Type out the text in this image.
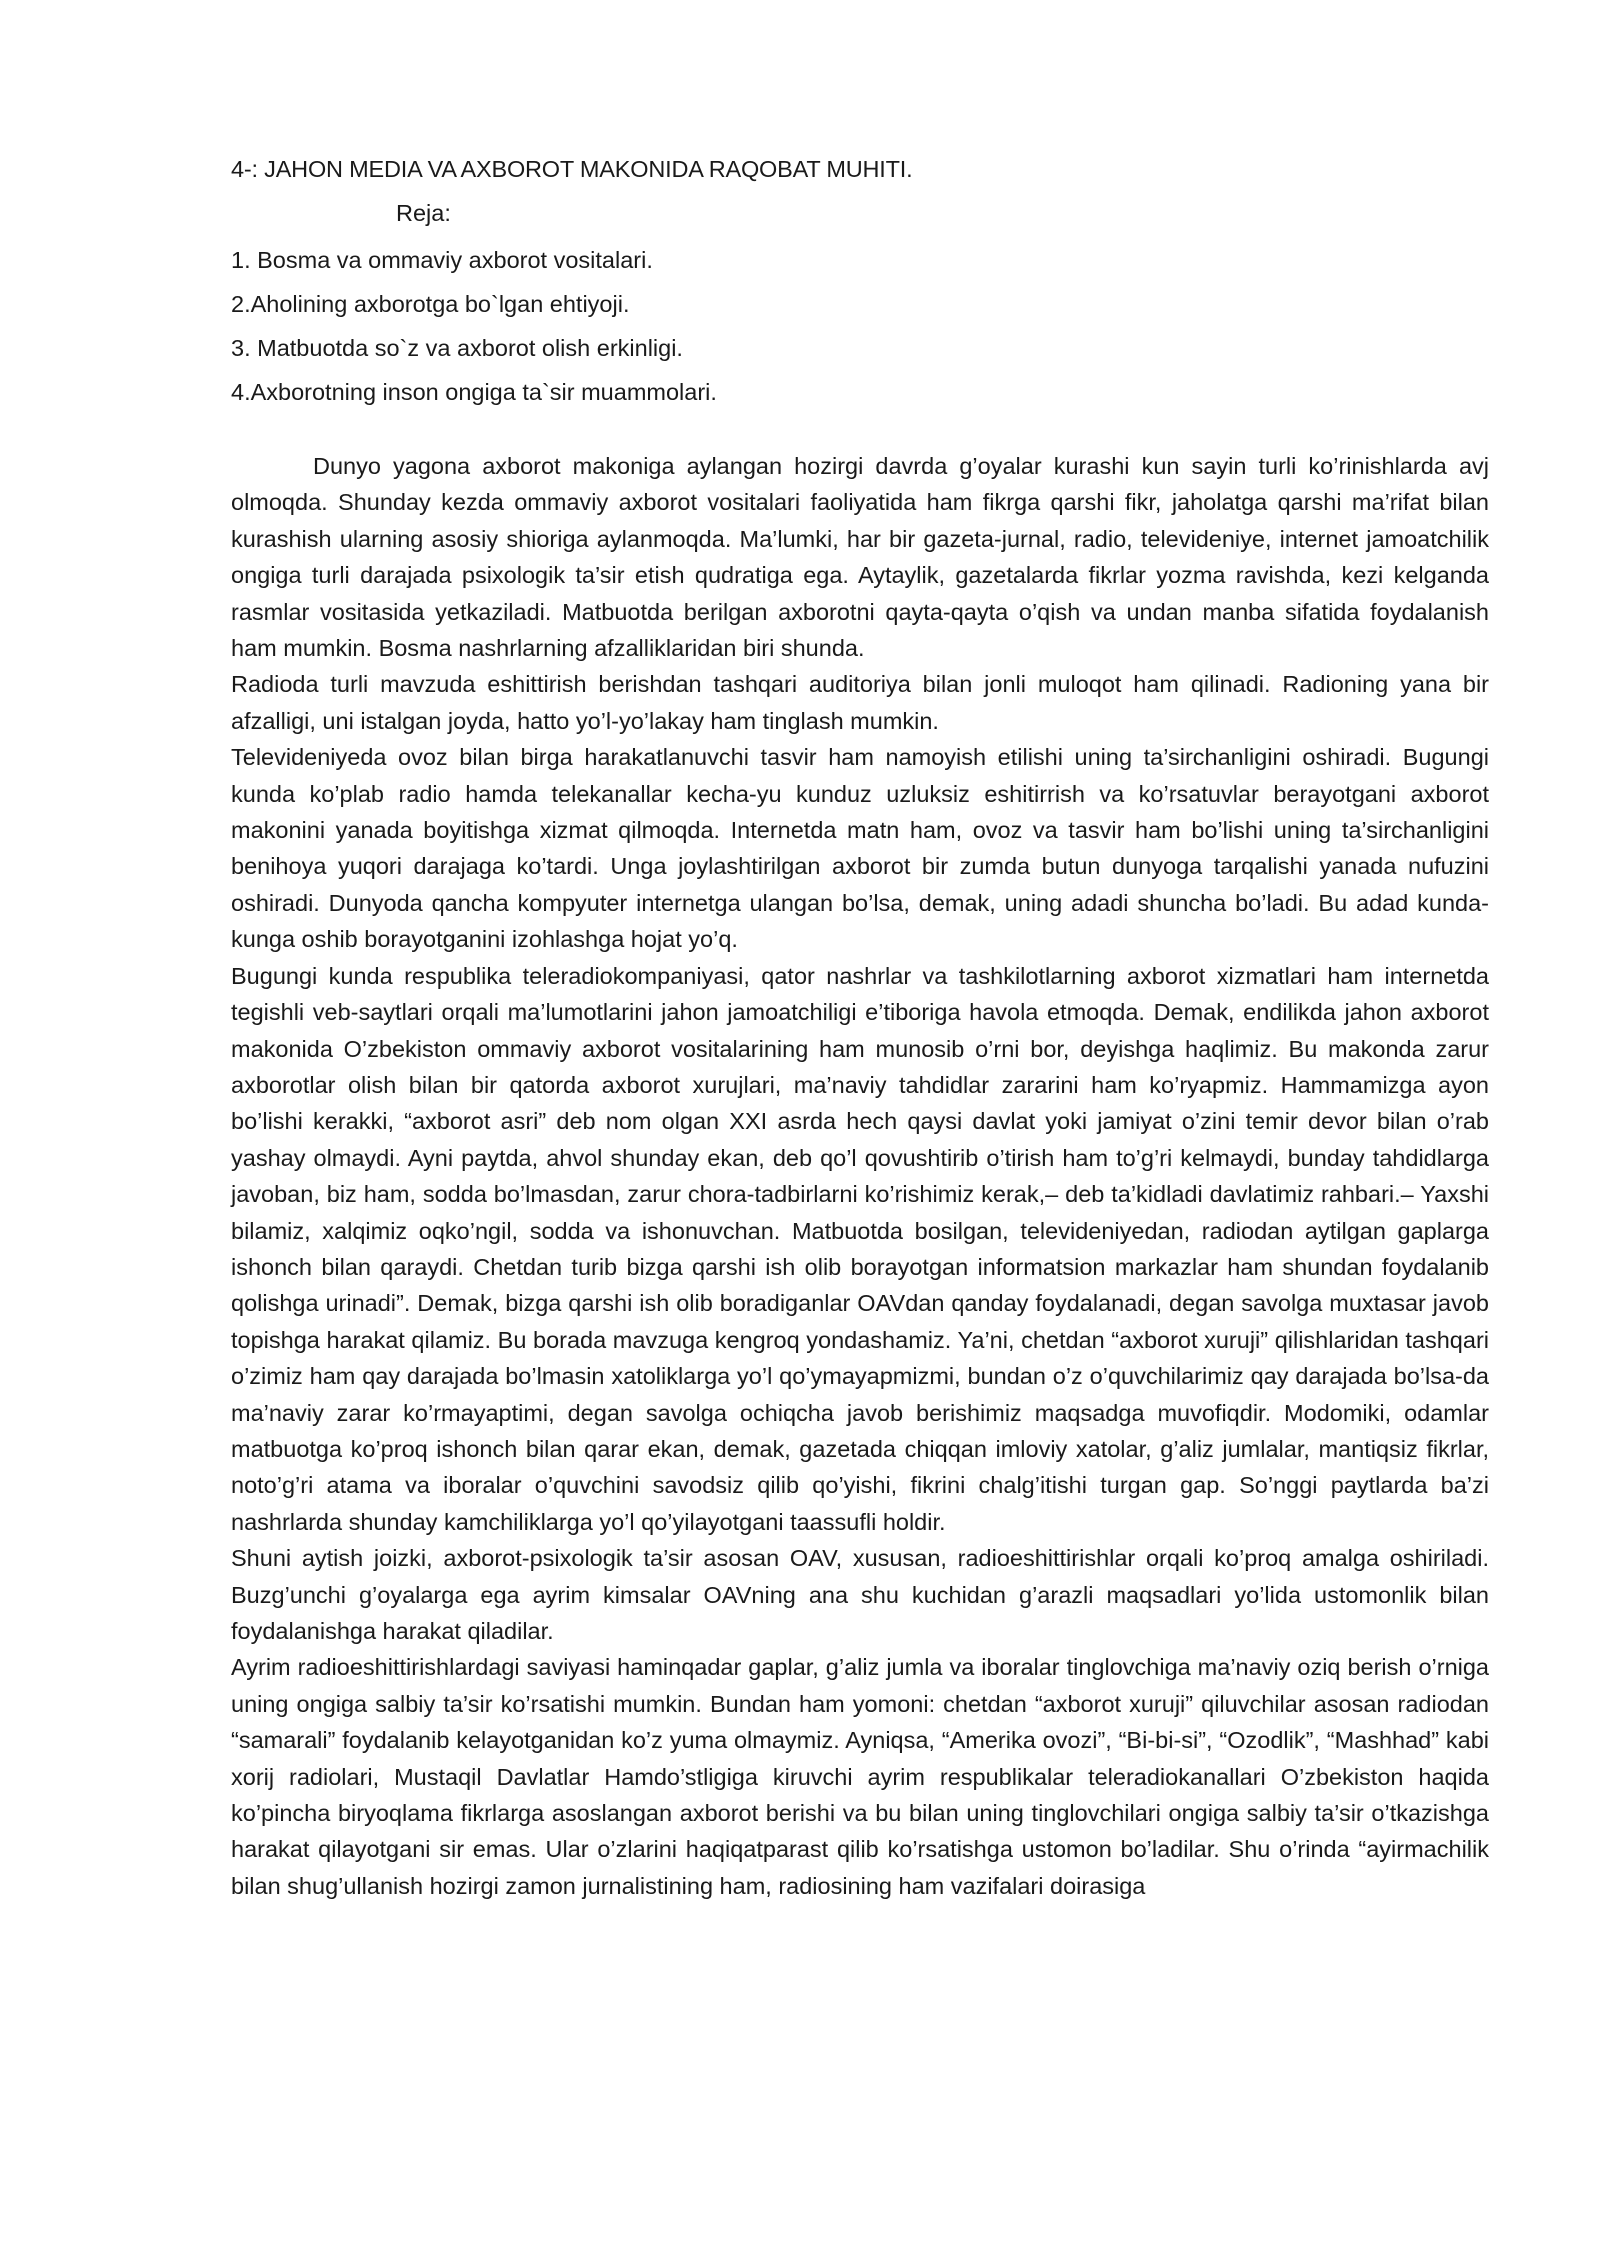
4-: JAHON MEDIA VA AXBOROT MAKONIDA RAQOBAT MUHITI.
Reja:
1. Bosma va ommaviy axborot vositalari.
2.Aholining axborotga bo`lgan ehtiyoji.
3. Matbuotda so`z va axborot olish erkinligi.
4.Axborotning inson ongiga ta`sir muammolari.

Dunyo yagona axborot makoniga aylangan hozirgi davrda g’oyalar kurashi kun sayin turli ko’rinishlarda avj olmoqda. Shunday kezda ommaviy axborot vositalari faoliyatida ham fikrga qarshi fikr, jaholatga qarshi ma’rifat bilan kurashish ularning asosiy shioriga aylanmoqda. Ma’lumki, har bir gazeta-jurnal, radio, televideniye, internet jamoatchilik ongiga turli darajada psixologik ta’sir etish qudratiga ega. Aytaylik, gazetalarda fikrlar yozma ravishda, kezi kelganda rasmlar vositasida yetkaziladi. Matbuotda berilgan axborotni qayta-qayta o’qish va undan manba sifatida foydalanish ham mumkin. Bosma nashrlarning afzalliklaridan biri shunda.

Radioda turli mavzuda eshittirish berishdan tashqari auditoriya bilan jonli muloqot ham qilinadi. Radioning yana bir afzalligi, uni istalgan joyda, hatto yo’l-yo’lakay ham tinglash mumkin.

Televideniyeda ovoz bilan birga harakatlanuvchi tasvir ham namoyish etilishi uning ta’sirchanligini oshiradi. Bugungi kunda ko’plab radio hamda telekanallar kecha-yu kunduz uzluksiz eshitirrish va ko’rsatuvlar berayotgani axborot makonini yanada boyitishga xizmat qilmoqda. Internetda matn ham, ovoz va tasvir ham bo’lishi uning ta’sirchanligini benihoya yuqori darajaga ko’tardi. Unga joylashtirilgan axborot bir zumda butun dunyoga tarqalishi yanada nufuzini oshiradi. Dunyoda qancha kompyuter internetga ulangan bo’lsa, demak, uning adadi shuncha bo’ladi. Bu adad kunda-kunga oshib borayotganini izohlashga hojat yo’q.

Bugungi kunda respublika teleradiokompaniyasi, qator nashrlar va tashkilotlarning axborot xizmatlari ham internetda tegishli veb-saytlari orqali ma’lumotlarini jahon jamoatchiligi e’tiboriga havola etmoqda. Demak, endilikda jahon axborot makonida O’zbekiston ommaviy axborot vositalarining ham munosib o’rni bor, deyishga haqlimiz. Bu makonda zarur axborotlar olish bilan bir qatorda axborot xurujlari, ma’naviy tahdidlar zararini ham ko’ryapmiz. Hammamizga ayon bo’lishi kerakki, “axborot asri” deb nom olgan XXI asrda hech qaysi davlat yoki jamiyat o’zini temir devor bilan o’rab yashay olmaydi. Ayni paytda, ahvol shunday ekan, deb qo’l qovushtirib o’tirish ham to’g’ri kelmaydi, bunday tahdidlarga javoban, biz ham, sodda bo’lmasdan, zarur chora-tadbirlarni ko’rishimiz kerak,– deb ta’kidladi davlatimiz rahbari.– Yaxshi bilamiz, xalqimiz oqko’ngil, sodda va ishonuvchan. Matbuotda bosilgan, televideniyedan, radiodan aytilgan gaplarga ishonch bilan qaraydi. Chetdan turib bizga qarshi ish olib borayotgan informatsion markazlar ham shundan foydalanib qolishga urinadi”. Demak, bizga qarshi ish olib boradiganlar OAVdan qanday foydalanadi, degan savolga muxtasar javob topishga harakat qilamiz. Bu borada mavzuga kengroq yondashamiz. Ya’ni, chetdan “axborot xuruji” qilishlaridan tashqari o’zimiz ham qay darajada bo’lmasin xatoliklarga yo’l qo’ymayapmizmi, bundan o’z o’quvchilarimiz qay darajada bo’lsa-da ma’naviy zarar ko’rmayaptimi, degan savolga ochiqcha javob berishimiz maqsadga muvofiqdir. Modomiki, odamlar matbuotga ko’proq ishonch bilan qarar ekan, demak, gazetada chiqqan imloviy xatolar, g’aliz jumlalar, mantiqsiz fikrlar, noto’g’ri atama va iboralar o’quvchini savodsiz qilib qo’yishi, fikrini chalg’itishi turgan gap. So’nggi paytlarda ba’zi nashrlarda shunday kamchiliklarga yo’l qo’yilayotgani taassufli holdir.

Shuni aytish joizki, axborot-psixologik ta’sir asosan OAV, xususan, radioeshittirishlar orqali ko’proq amalga oshiriladi. Buzg’unchi g’oyalarga ega ayrim kimsalar OAVning ana shu kuchidan g’arazli maqsadlari yo’lida ustomonlik bilan foydalanishga harakat qiladilar.

Ayrim radioeshittirishlardagi saviyasi haminqadar gaplar, g’aliz jumla va iboralar tinglovchiga ma’naviy oziq berish o’rniga uning ongiga salbiy ta’sir ko’rsatishi mumkin. Bundan ham yomoni: chetdan “axborot xuruji” qiluvchilar asosan radiodan “samarali” foydalanib kelayotganidan ko’z yuma olmaymiz. Ayniqsa, “Amerika ovozi”, “Bi-bi-si”, “Ozodlik”, “Mashhad” kabi xorij radiolari, Mustaqil Davlatlar Hamdo’stligiga kiruvchi ayrim respublikalar teleradiokanallari O’zbekiston haqida ko’pincha biryoqlama fikrlarga asoslangan axborot berishi va bu bilan uning tinglovchilari ongiga salbiy ta’sir o’tkazishga harakat qilayotgani sir emas. Ular o’zlarini haqiqatparast qilib ko’rsatishga ustomon bo’ladilar. Shu o’rinda “ayirmachilik bilan shug’ullanish hozirgi zamon jurnalistining ham, radiosining ham vazifalari doirasiga
